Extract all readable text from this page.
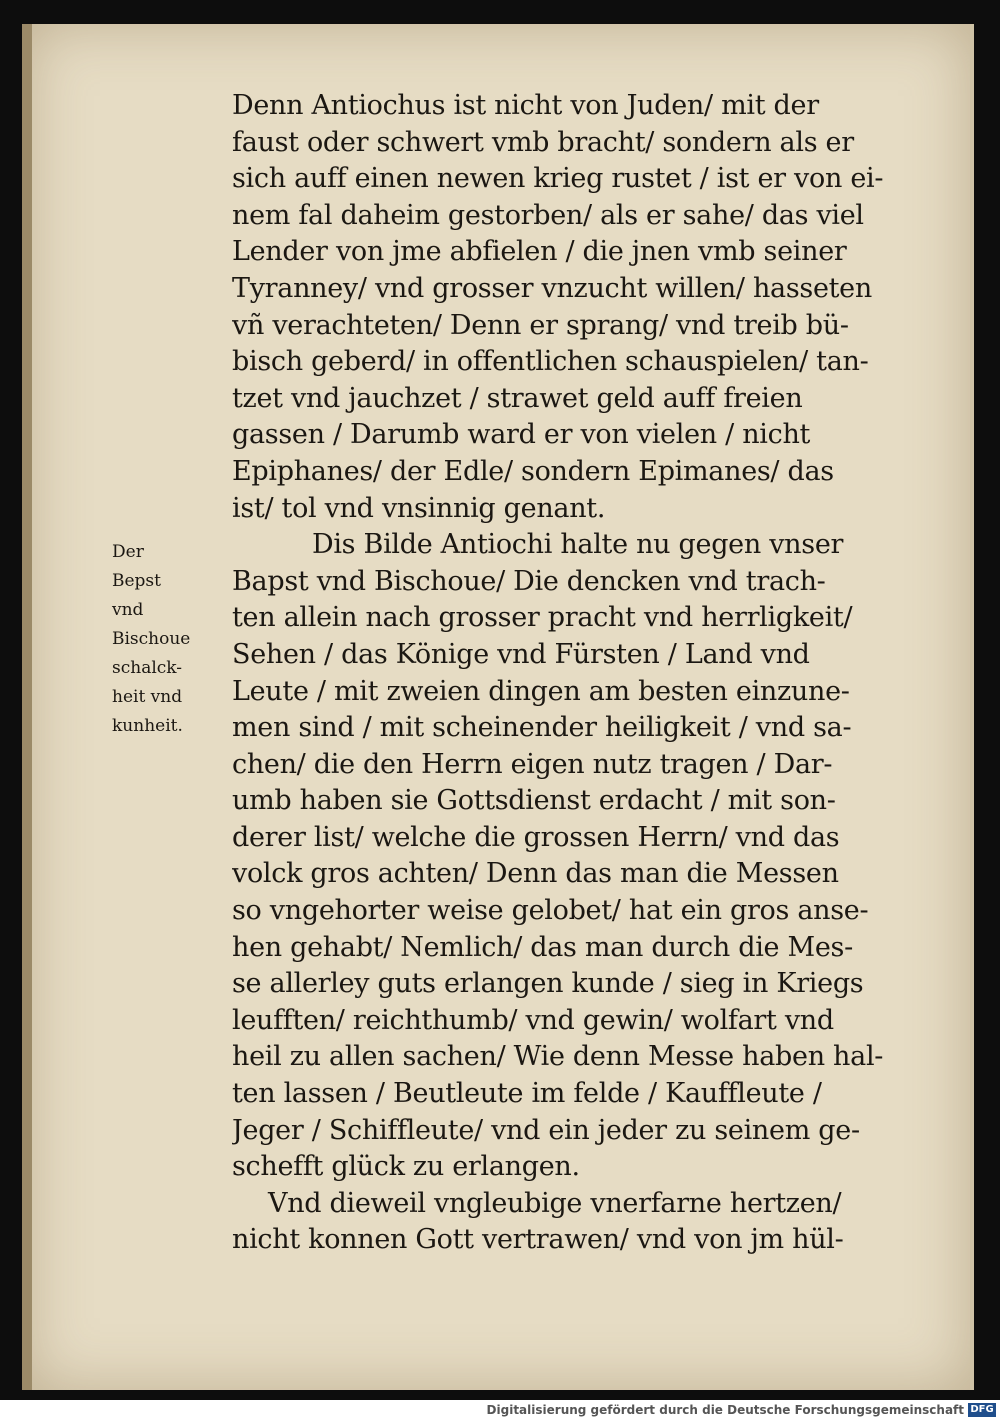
Der
Bepst
vnd
Bischoue
schalck-
heit vnd
kunheit.
Denn Antiochus ist nicht von Juden/ mit der
faust oder schwert vmb bracht/ sondern als er
sich auff einen newen krieg rustet / ist er von ei-
nem fal daheim gestorben/ als er sahe/ das viel
Lender von jme abfielen / die jnen vmb seiner
Tyranney/ vnd grosser vnzucht willen/ hasseten
vñ verachteten/ Denn er sprang/ vnd treib bü-
bisch geberd/ in offentlichen schauspielen/ tan-
tzet vnd jauchzet / strawet geld auff freien
gassen / Darumb ward er von vielen / nicht
Epiphanes/ der Edle/ sondern Epimanes/ das
ist/ tol vnd vnsinnig genant.
Dis Bilde Antiochi halte nu gegen vnser
Bapst vnd Bischoue/ Die dencken vnd trach-
ten allein nach grosser pracht vnd herrligkeit/
Sehen / das Könige vnd Fürsten / Land vnd
Leute / mit zweien dingen am besten einzune-
men sind / mit scheinender heiligkeit / vnd sa-
chen/ die den Herrn eigen nutz tragen / Dar-
umb haben sie Gottsdienst erdacht / mit son-
derer list/ welche die grossen Herrn/ vnd das
volck gros achten/ Denn das man die Messen
so vngehorter weise gelobet/ hat ein gros anse-
hen gehabt/ Nemlich/ das man durch die Mes-
se allerley guts erlangen kunde / sieg in Kriegs
leufften/ reichthumb/ vnd gewin/ wolfart vnd
heil zu allen sachen/ Wie denn Messe haben hal-
ten lassen / Beutleute im felde / Kauffleute /
Jeger / Schiffleute/ vnd ein jeder zu seinem ge-
schefft glück zu erlangen.
Vnd dieweil vngleubige vnerfarne hertzen/
nicht konnen Gott vertrawen/ vnd von jm hül-
Digitalisierung gefördert durch die Deutsche Forschungsgemeinschaft DFG
